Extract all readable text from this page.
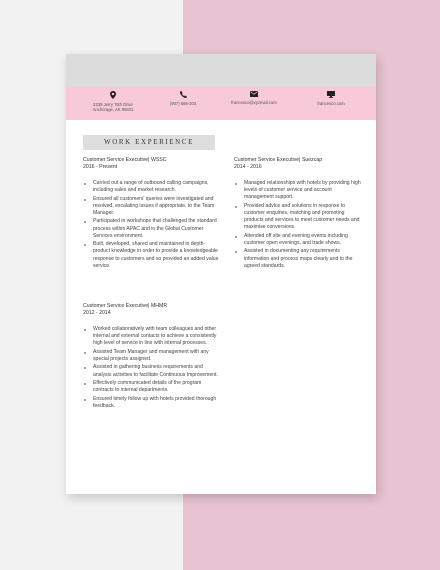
2239 Jerry Toth Drive
Anchorage, AK 99501
(907) 566-204	francesco@xyzmail.com	francesco.com
WORK EXPERIENCE
Customer Service Executive| WSSC
2016 - Present
Carried out a range of outbound calling campaigns, including sales and market research.
Ensured all customers' queries were investigated and resolved, escalating issues if appropriate, to the Team Manager.
Participated in workshops that challenged the standard process within APAC and in the Global Customer Services environment.
Built, developed, shared and maintained in depth-product knowledge in order to provide a knowledgeable response to customers and so provided an added value service.
Customer Service Executive| Suezcap
2014 - 2016
Managed relationships with hotels by providing high levels of customer service and account management support.
Provided advice and solutions in response to customer enquiries, matching and promoting products and services to meet customer needs and maximise conversions.
Attended off site and evening events including customer open evenings, and trade shows.
Assisted in documenting any requirements information and process maps clearly and to the agreed standards.
Customer Service Executive| MHMR
2012 - 2014
Worked collaboratively with team colleagues and other internal and external contacts to achieve a consistently high level of service in line with internal processes.
Assisted Team Manager and management with any special projects assigned.
Assisted in gathering business requirements and analysis activities to facilitate Continuous Improvement.
Effectively communicated details of the program contracts to internal departments.
Ensured timely follow up with hotels provided thorough feedback.
